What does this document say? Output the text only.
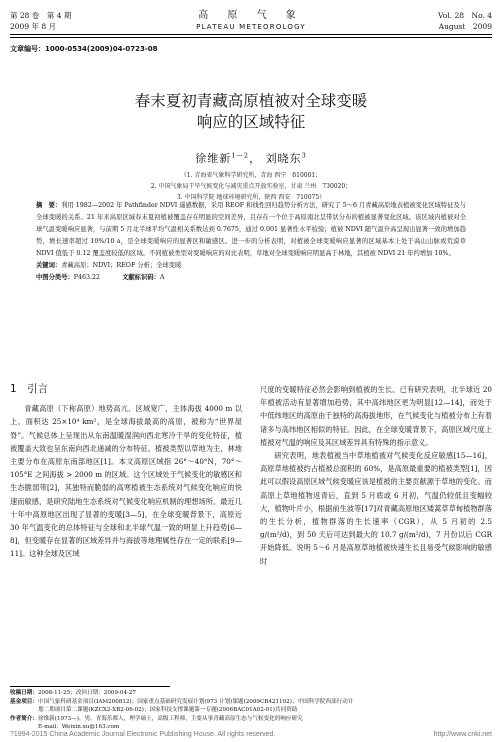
第 28 卷　第 4 期
2009 年 8 月
高 原 气 象
PLATEAU METEOROLOGY
Vol. 28　No. 4
August　2009
文章编号：1000-0534(2009)04-0723-08
春末夏初青藏高原植被对全球变暖
响应的区域特征
徐维新$^{1—2}$， 刘晓东$^3$
（1. 青海省气象科学研究所，青海 西宁　810001；
2. 中国气象局干旱气候变化与减灾重点开放实验室，甘肃 兰州　730020；
3. 中国科学院 地球环境研究所，陕西 西安　710075）
摘　要：利用 1982—2002 年 Pathfinder NDVI 遥感数据，采用 REOF 和线性回归趋势分析方法，研究了 5～6 月青藏高原地表植被变化区域特征及与全球变暖的关系。21 年来高原区域春末夏初植被覆盖存在明显的空间差异，且存在一个位于高原南北呈带状分布的植被显著变化区域。该区域内植被对全球气温变暖响应显著，与前期 5 月北半球平均气温相关系数达到 0.7675，通过 0.001 显著性水平检验；植被 NDVI 随气温升高呈现出显著一致的增加趋势，增长速率超过 10%/10 a，是全球变暖响应的显著区和敏感区。进一步的分析表明，对植被全球变暖响应显著的区域基本上处于高山山脉或荒漠草NDVI 值低于 0.12 覆盖度较低的区域。不同植被类型对变暖响应的对比表明，草地对全球变暖响应明显高于林地，其植被 NDVI 21 年约增加 10%。
关键词：青藏高原；NDVI；REOF 分析；全球变暖
中图分类号：P463.22	文献标识码：A
1　引言
青藏高原（下称高原）地势高亢、区域宽广，主体海拔 4000 m 以上，面积达 25×10⁴ km²，是全球海拔最高的高原，被称为“世界屋脊”。气候总体上呈现出从东南温暖湿润向西北寒冷干旱的变化特征，植被覆盖大致也呈东南向西北递减的分布特征。植被类型以草地为主，林地主要分布在高原东南部地区[1]。本文高原区域指 26°～40°N，70°～105°E 之间海拔 > 2000 m 的区域。这个区域处于气候变化的敏感区和生态脆弱带[2]，其独特而脆弱的高寒植被生态系统对气候变化响应的快速而敏感，是研究陆地生态系统对气候变化响应机制的理想场所。最近几十年中高原地区出现了显著的变暖[3—5]，在全球变暖背景下，高原近 30 年气温变化的总体特征与全球和北半球气温一致的明显上升趋势[6—8]，但变暖存在显著的区域差异并与海拔等地理属性存在一定的联系[9—11]。这种全球及区域
尺度的变暖特征必然会影响到植被的生长。已有研究表明，北半球近 20 年植被活动有显著增加趋势，其中高纬地区更为明显[12—14]，而处于中低纬地区的高原由于独特的高海拔地形，在气候变化与植被分布上有着诸多与高纬地区相似的特征。因此，在全球变暖背景下，高原区域尺度上植被对气温的响应及其区域差异具有特殊的指示意义。
研究表明，地表植被当中草地植被对气候变化反应敏感[15—16]，高原草地植被约占植被总面积的 60%，是高原最重要的植被类型[1]，因此可以假设高原区域气候变暖应该是植被的主要贡献源于草地的变化。而高原上草地植物返青后，直到 5 月底或 6 月初，气温仍较低且变幅较大，植物叶片小，根据前生波等[17]对青藏高原地区矮蒿草草甸植物群落的生长分析，植物群落的生长速率（CGR），从 5 月初的 2.5 g/(m²/d)，到 50 天后可达到最大的 10.7 g/(m²/d)，7 月份以后 CGR 开始降低。说明 5～6 月是高原草地植被快速生长且易受气候影响的敏感时
收稿日期：2008-11-25；改回日期：2009-04-27
基金项目：中国气象科研基金项目(IAM200812)；国家重点基础研究发展计划(973 计划)课题(2009CB421102)；中国科学院西部行动计
划二期项目第二课题(KZCX2-XB2-06-02)；国家科技支撑课题第一专题(2006BAC01A02-01)共同资助
作者简介：徐维新(1973—)，男，青海乐都人，理学硕士，高级工程师，主要从事青藏高原生态与气候变化的响应研究
E-mail：Weixin.xu@163.com
?1994-2015 China Academic Journal Electronic Publishing House. All rights reserved.	http://www.cnki.net
